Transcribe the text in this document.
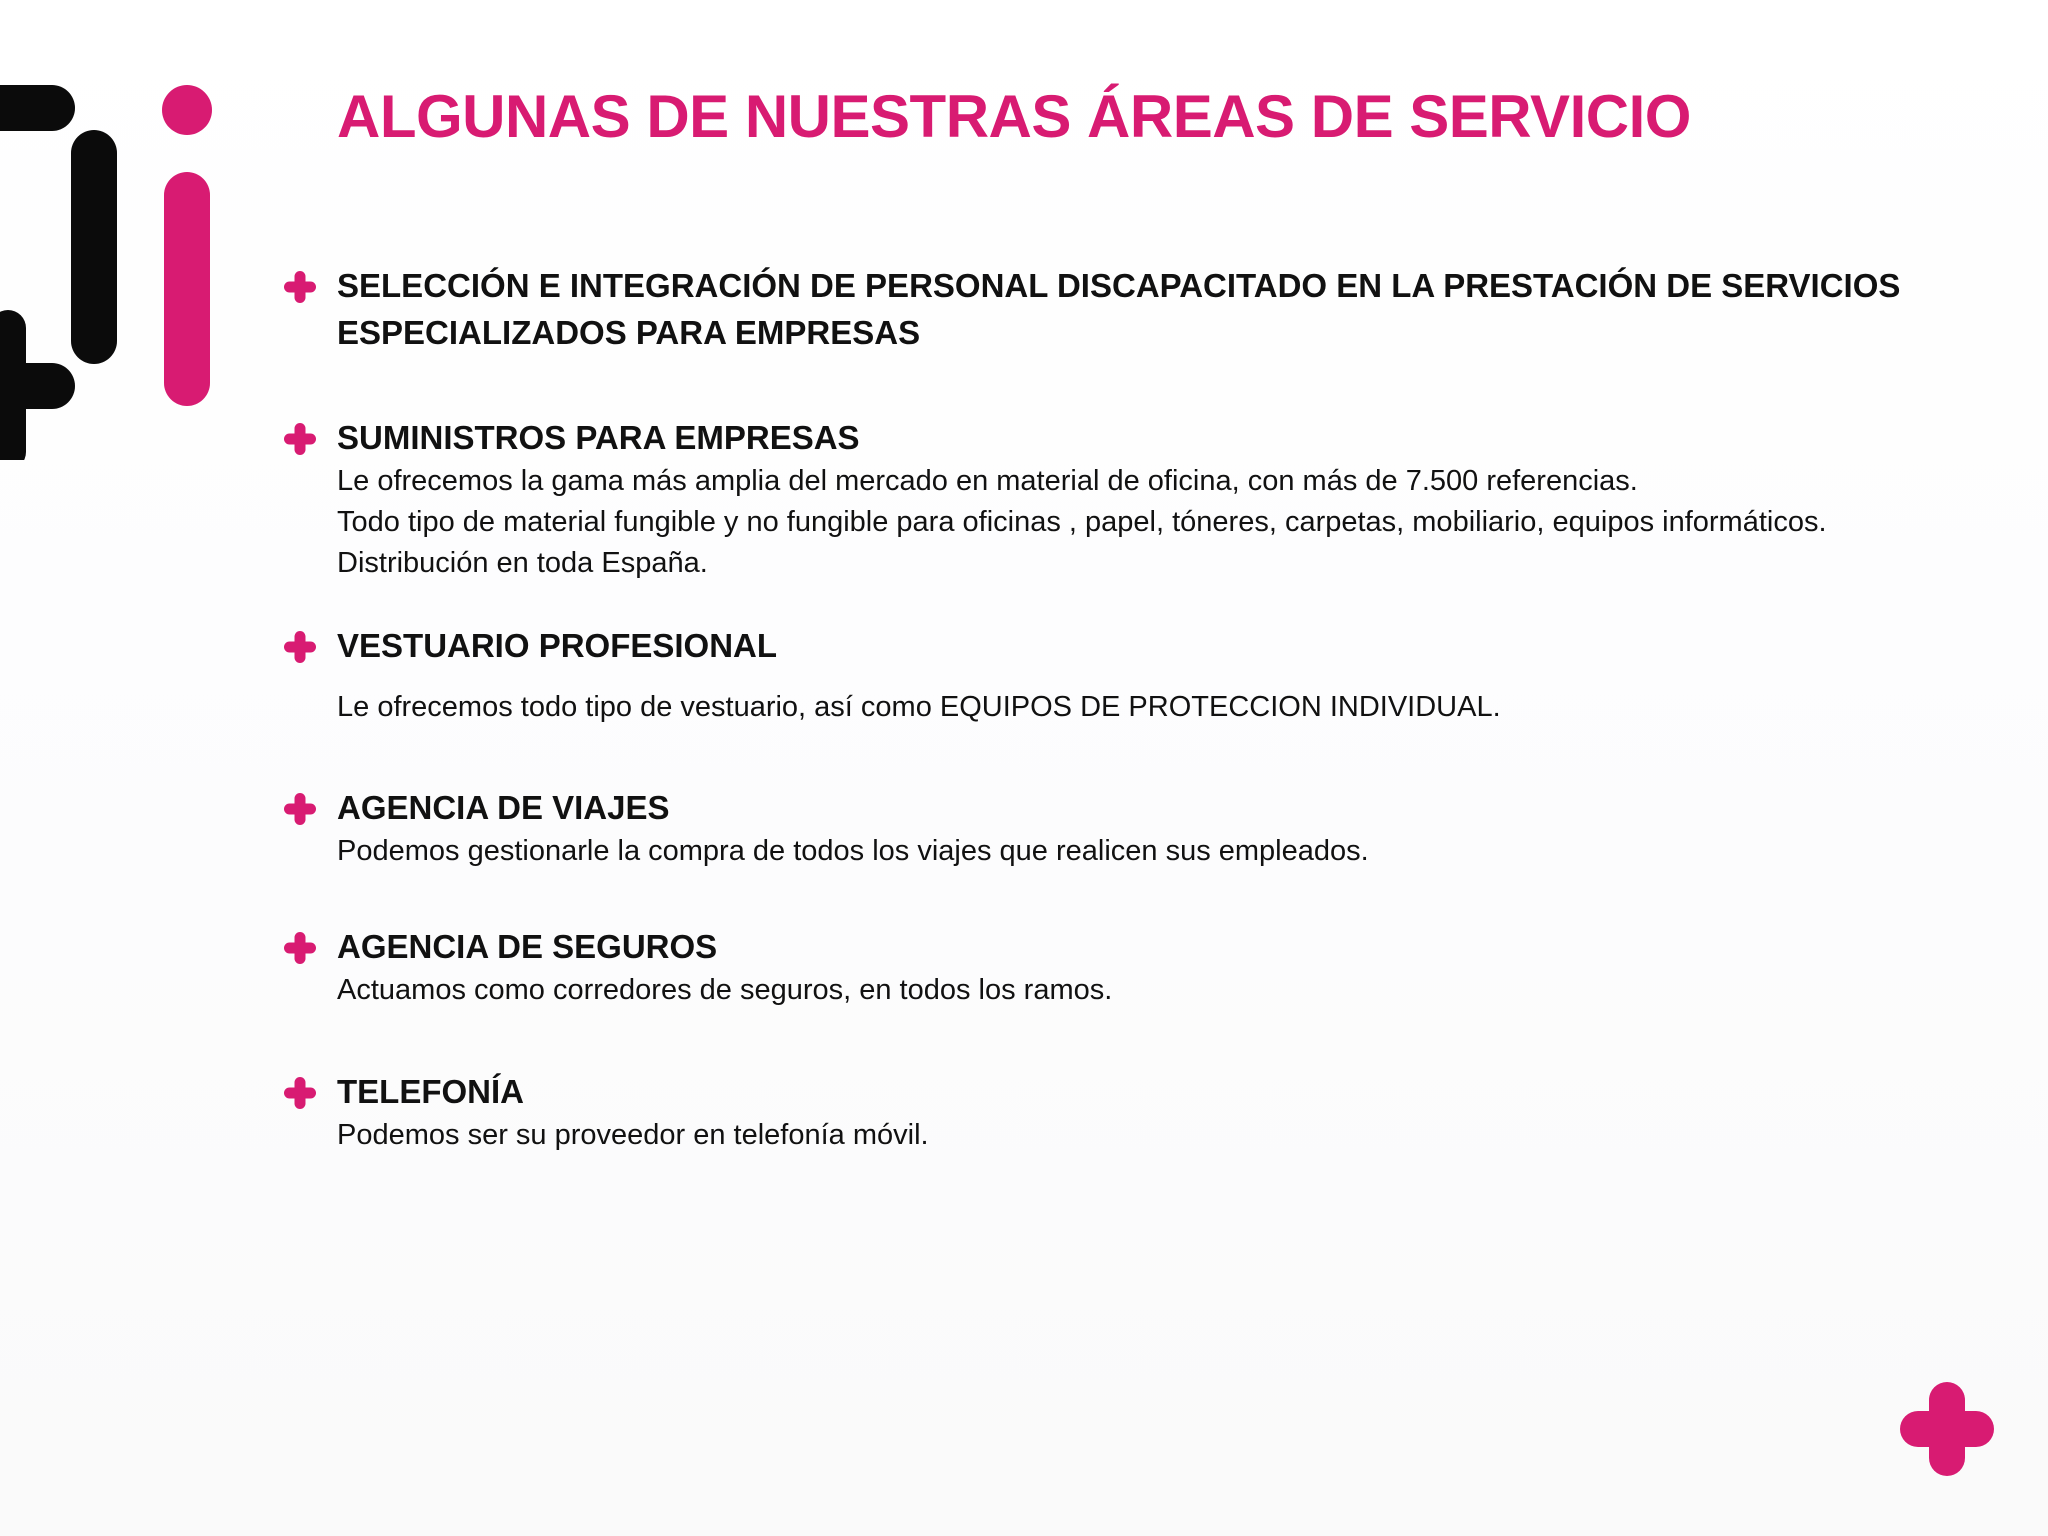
ALGUNAS DE NUESTRAS ÁREAS DE SERVICIO

SELECCIÓN E INTEGRACIÓN DE PERSONAL DISCAPACITADO EN LA PRESTACIÓN DE SERVICIOS ESPECIALIZADOS PARA EMPRESAS

SUMINISTROS PARA EMPRESAS

Le ofrecemos la gama más amplia del mercado en material de oficina, con más de 7.500 referencias.
Todo tipo de material fungible y no fungible para oficinas , papel, tóneres, carpetas, mobiliario, equipos informáticos. Distribución en toda España.

VESTUARIO PROFESIONAL

Le ofrecemos todo tipo de vestuario, así como EQUIPOS DE PROTECCION INDIVIDUAL.

AGENCIA DE VIAJES

Podemos gestionarle la compra de todos los viajes que realicen sus empleados.

AGENCIA DE SEGUROS

Actuamos como corredores de seguros, en todos los ramos.

TELEFONÍA

Podemos ser su proveedor en telefonía móvil.
